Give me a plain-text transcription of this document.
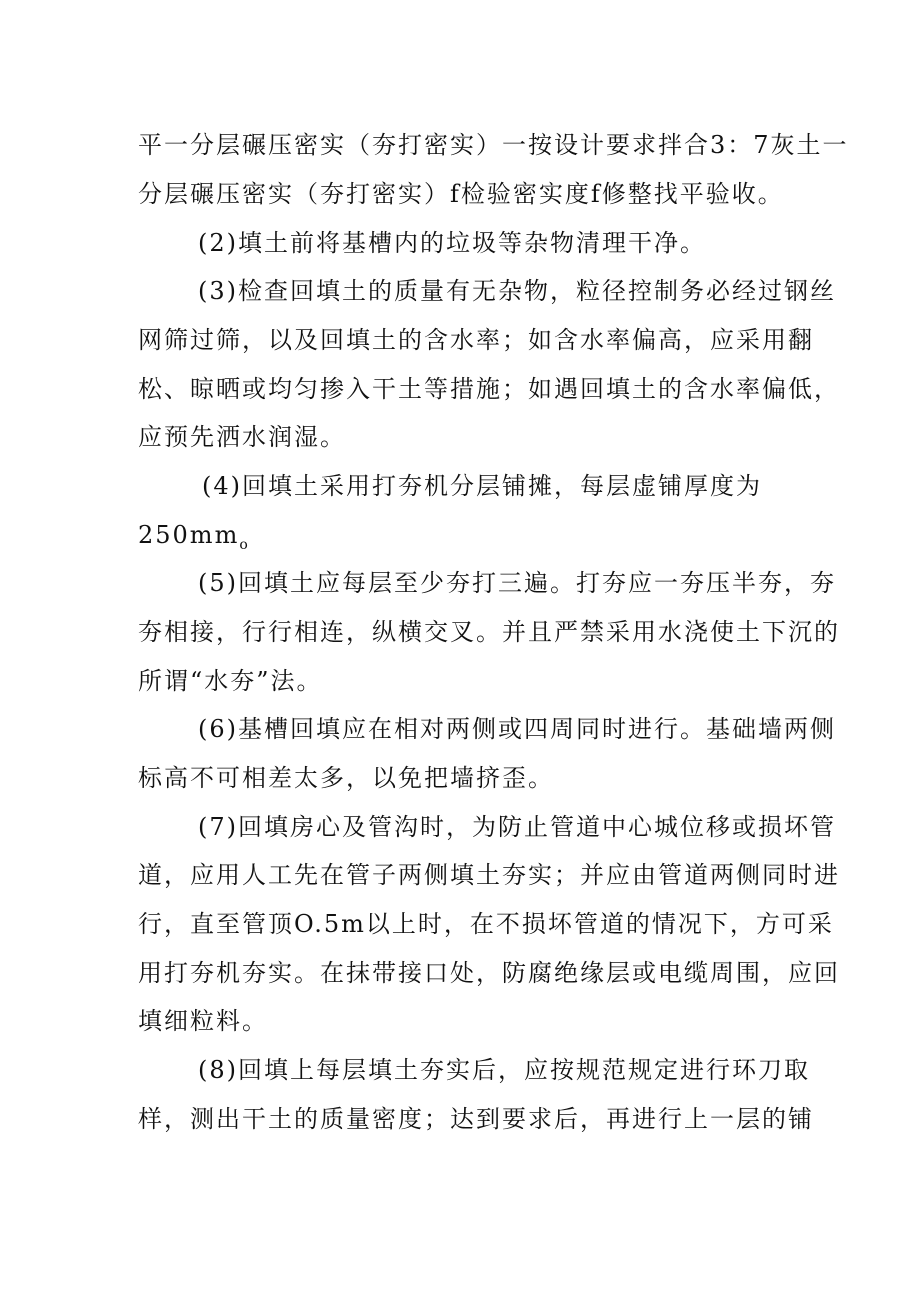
平一分层碾压密实（夯打密实）一按设计要求拌合3：7灰土一
分层碾压密实（夯打密实）f检验密实度f修整找平验收。
(2)填土前将基槽内的垃圾等杂物清理干净。
(3)检查回填土的质量有无杂物，粒径控制务必经过钢丝
网筛过筛，以及回填土的含水率；如含水率偏高，应采用翻
松、晾晒或均匀掺入干土等措施；如遇回填土的含水率偏低，
应预先洒水润湿。
(4)回填土采用打夯机分层铺摊，每层虚铺厚度为
$250mm_o$
(5)回填土应每层至少夯打三遍。打夯应一夯压半夯，夯
夯相接，行行相连，纵横交叉。并且严禁采用水浇使土下沉的
所谓“水夯”法。
(6)基槽回填应在相对两侧或四周同时进行。基础墙两侧
标高不可相差太多，以免把墙挤歪。
(7)回填房心及管沟时，为防止管道中心城位移或损坏管
道，应用人工先在管子两侧填土夯实；并应由管道两侧同时进
行，直至管顶O.5m以上时，在不损坏管道的情况下，方可采
用打夯机夯实。在抹带接口处，防腐绝缘层或电缆周围，应回
填细粒料。
(8)回填上每层填土夯实后，应按规范规定进行环刀取
样，测出干土的质量密度；达到要求后，再进行上一层的铺
